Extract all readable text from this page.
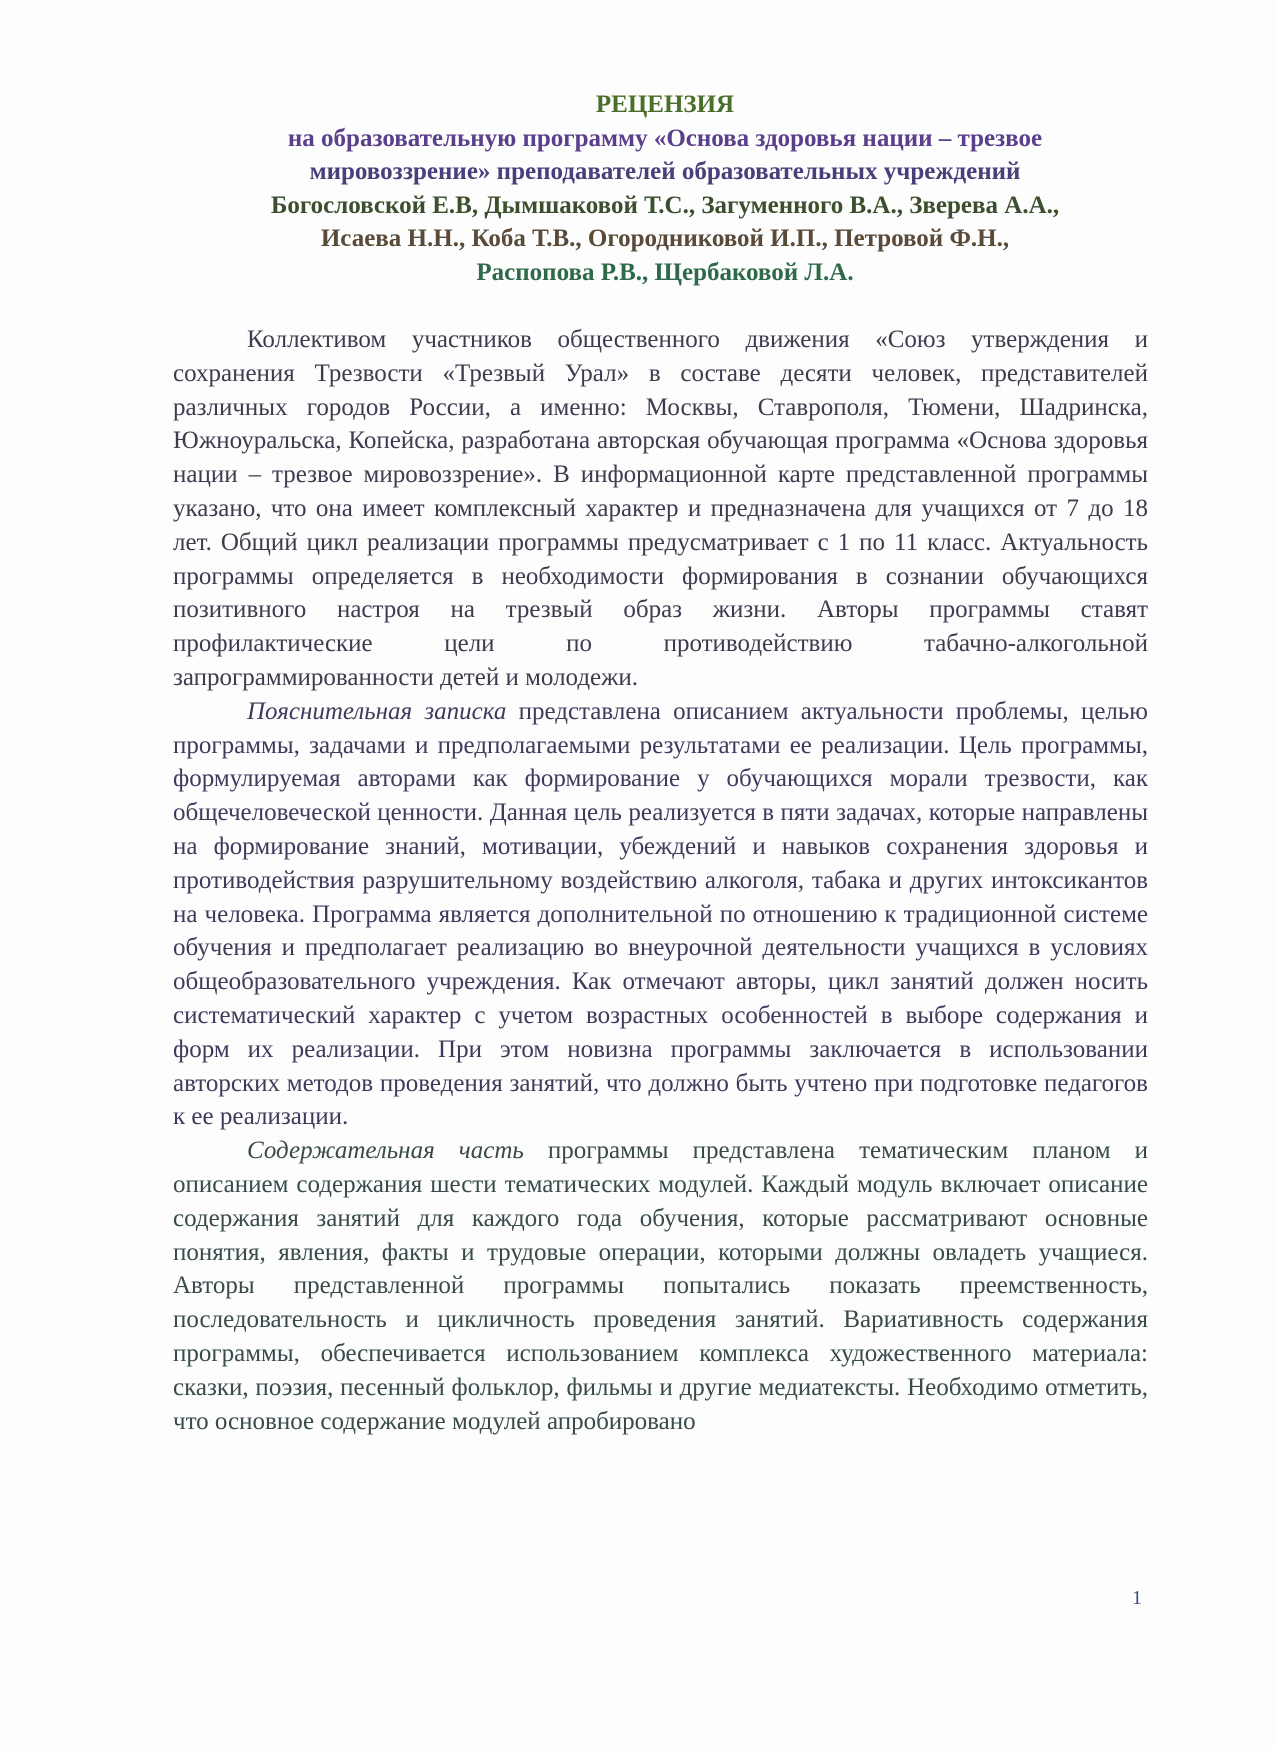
РЕЦЕНЗИЯ
на образовательную программу «Основа здоровья нации – трезвое
мировоззрение» преподавателей образовательных учреждений
Богословской Е.В, Дымшаковой Т.С., Загуменного В.А., Зверева А.А.,
Исаева Н.Н., Коба Т.В., Огородниковой И.П., Петровой Ф.Н.,
Распопова Р.В., Щербаковой Л.А.

Коллективом участников общественного движения «Союз утверждения и сохранения Трезвости «Трезвый Урал» в составе десяти человек, представителей различных городов России, а именно: Москвы, Ставрополя, Тюмени, Шадринска, Южноуральска, Копейска, разработана авторская обучающая программа «Основа здоровья нации – трезвое мировоззрение». В информационной карте представленной программы указано, что она имеет комплексный характер и предназначена для учащихся от 7 до 18 лет. Общий цикл реализации программы предусматривает с 1 по 11 класс. Актуальность программы определяется в необходимости формирования в сознании обучающихся позитивного настроя на трезвый образ жизни. Авторы программы ставят профилактические цели по противодействию табачно-алкогольной запрограммированности детей и молодежи.

Пояснительная записка представлена описанием актуальности проблемы, целью программы, задачами и предполагаемыми результатами ее реализации. Цель программы, формулируемая авторами как формирование у обучающихся морали трезвости, как общечеловеческой ценности. Данная цель реализуется в пяти задачах, которые направлены на формирование знаний, мотивации, убеждений и навыков сохранения здоровья и противодействия разрушительному воздействию алкоголя, табака и других интоксикантов на человека. Программа является дополнительной по отношению к традиционной системе обучения и предполагает реализацию во внеурочной деятельности учащихся в условиях общеобразовательного учреждения. Как отмечают авторы, цикл занятий должен носить систематический характер с учетом возрастных особенностей в выборе содержания и форм их реализации. При этом новизна программы заключается в использовании авторских методов проведения занятий, что должно быть учтено при подготовке педагогов к ее реализации.

Содержательная часть программы представлена тематическим планом и описанием содержания шести тематических модулей. Каждый модуль включает описание содержания занятий для каждого года обучения, которые рассматривают основные понятия, явления, факты и трудовые операции, которыми должны овладеть учащиеся. Авторы представленной программы попытались показать преемственность, последовательность и цикличность проведения занятий. Вариативность содержания программы, обеспечивается использованием комплекса художественного материала: сказки, поэзия, песенный фольклор, фильмы и другие медиатексты. Необходимо отметить, что основное содержание модулей апробировано

1
